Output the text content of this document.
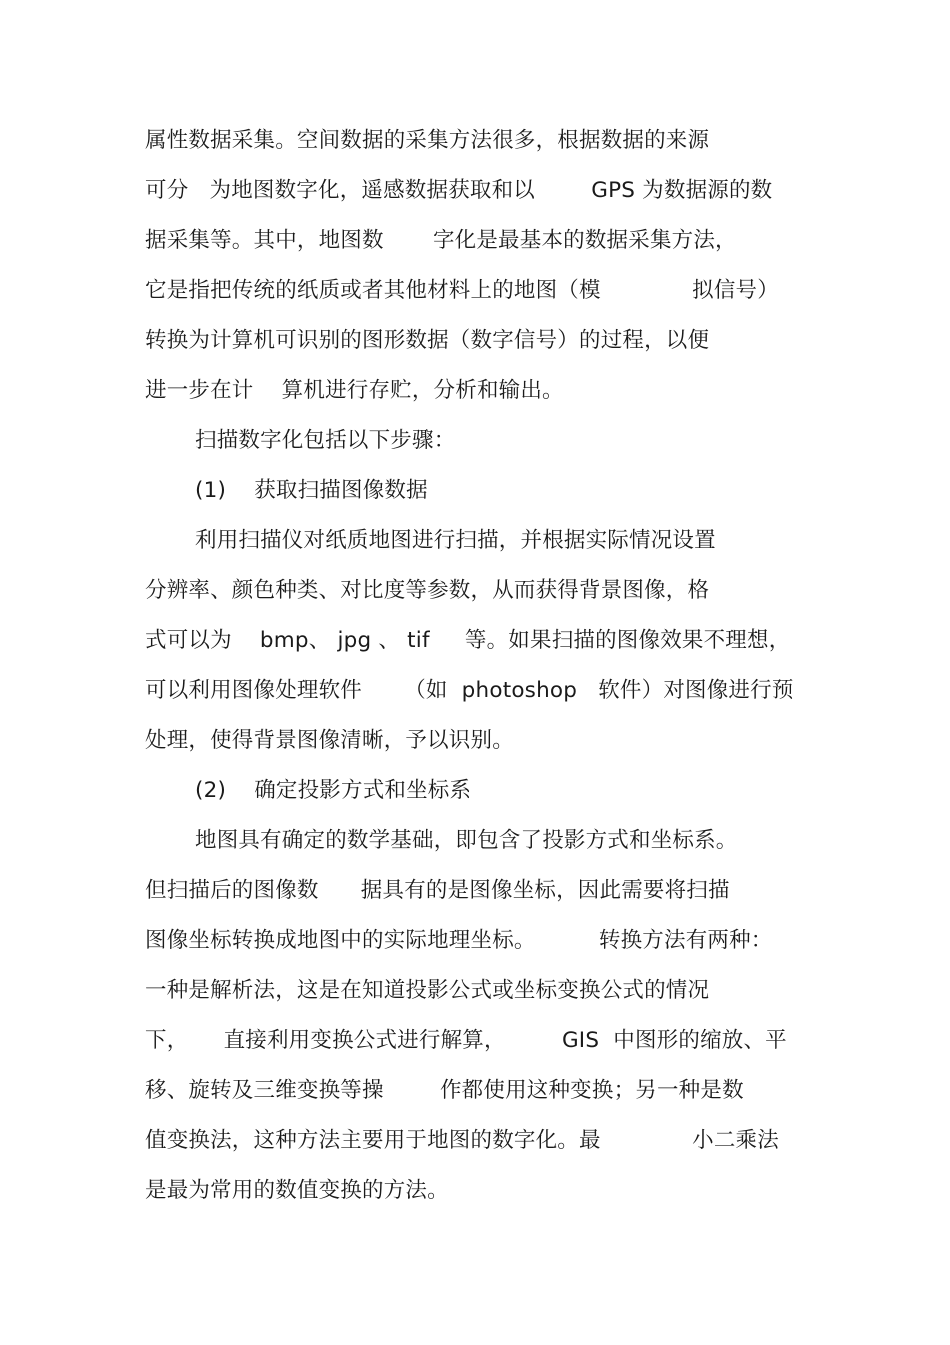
属性数据采集。空间数据的采集方法很多，根据数据的来源
可分   为地图数字化，遥感数据获取和以        GPS 为数据源的数
据采集等。其中，地图数       字化是最基本的数据采集方法，
它是指把传统的纸质或者其他材料上的地图（模             拟信号）
转换为计算机可识别的图形数据（数字信号）的过程，以便
进一步在计    算机进行存贮，分析和输出。
扫描数字化包括以下步骤：
(1)    获取扫描图像数据
利用扫描仪对纸质地图进行扫描，并根据实际情况设置
分辨率、颜色种类、对比度等参数，从而获得背景图像，格
式可以为    bmp、 jpg 、 tif     等。如果扫描的图像效果不理想，
可以利用图像处理软件      （如  photoshop   软件）对图像进行预
处理，使得背景图像清晰，予以识别。
(2)    确定投影方式和坐标系
地图具有确定的数学基础，即包含了投影方式和坐标系。
但扫描后的图像数      据具有的是图像坐标，因此需要将扫描
图像坐标转换成地图中的实际地理坐标。         转换方法有两种：
一种是解析法，这是在知道投影公式或坐标变换公式的情况
下，     直接利用变换公式进行解算，        GIS  中图形的缩放、平
移、旋转及三维变换等操        作都使用这种变换；另一种是数
值变换法，这种方法主要用于地图的数字化。最             小二乘法
是最为常用的数值变换的方法。
